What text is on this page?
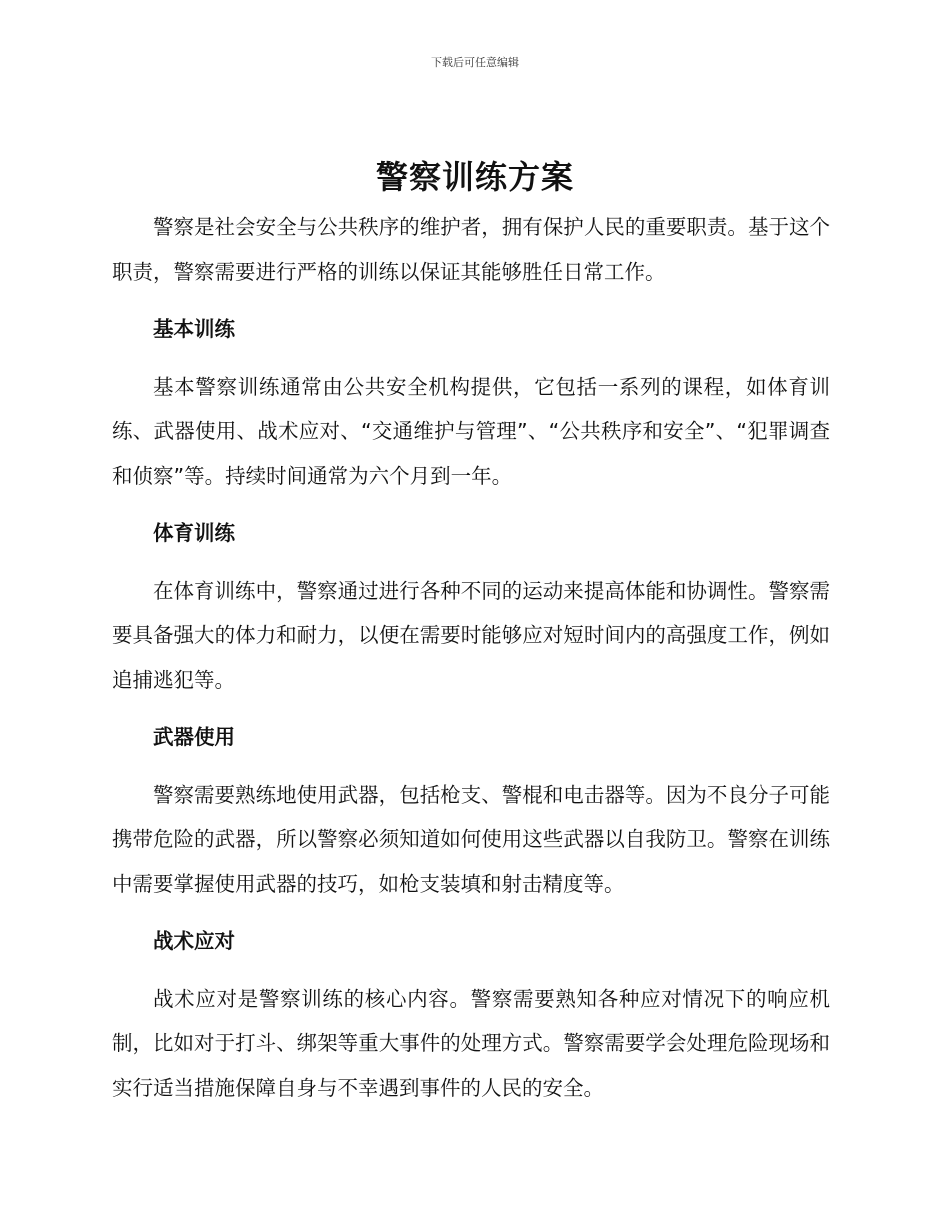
下载后可任意编辑
警察训练方案

警察是社会安全与公共秩序的维护者，拥有保护人民的重要职责。基于这个职责，警察需要进行严格的训练以保证其能够胜任日常工作。

基本训练

基本警察训练通常由公共安全机构提供，它包括一系列的课程，如体育训练、武器使用、战术应对、“交通维护与管理”、“公共秩序和安全”、“犯罪调查和侦察”等。持续时间通常为六个月到一年。

体育训练

在体育训练中，警察通过进行各种不同的运动来提高体能和协调性。警察需要具备强大的体力和耐力，以便在需要时能够应对短时间内的高强度工作，例如追捕逃犯等。

武器使用

警察需要熟练地使用武器，包括枪支、警棍和电击器等。因为不良分子可能携带危险的武器，所以警察必须知道如何使用这些武器以自我防卫。警察在训练中需要掌握使用武器的技巧，如枪支装填和射击精度等。

战术应对

战术应对是警察训练的核心内容。警察需要熟知各种应对情况下的响应机制，比如对于打斗、绑架等重大事件的处理方式。警察需要学会处理危险现场和实行适当措施保障自身与不幸遇到事件的人民的安全。
